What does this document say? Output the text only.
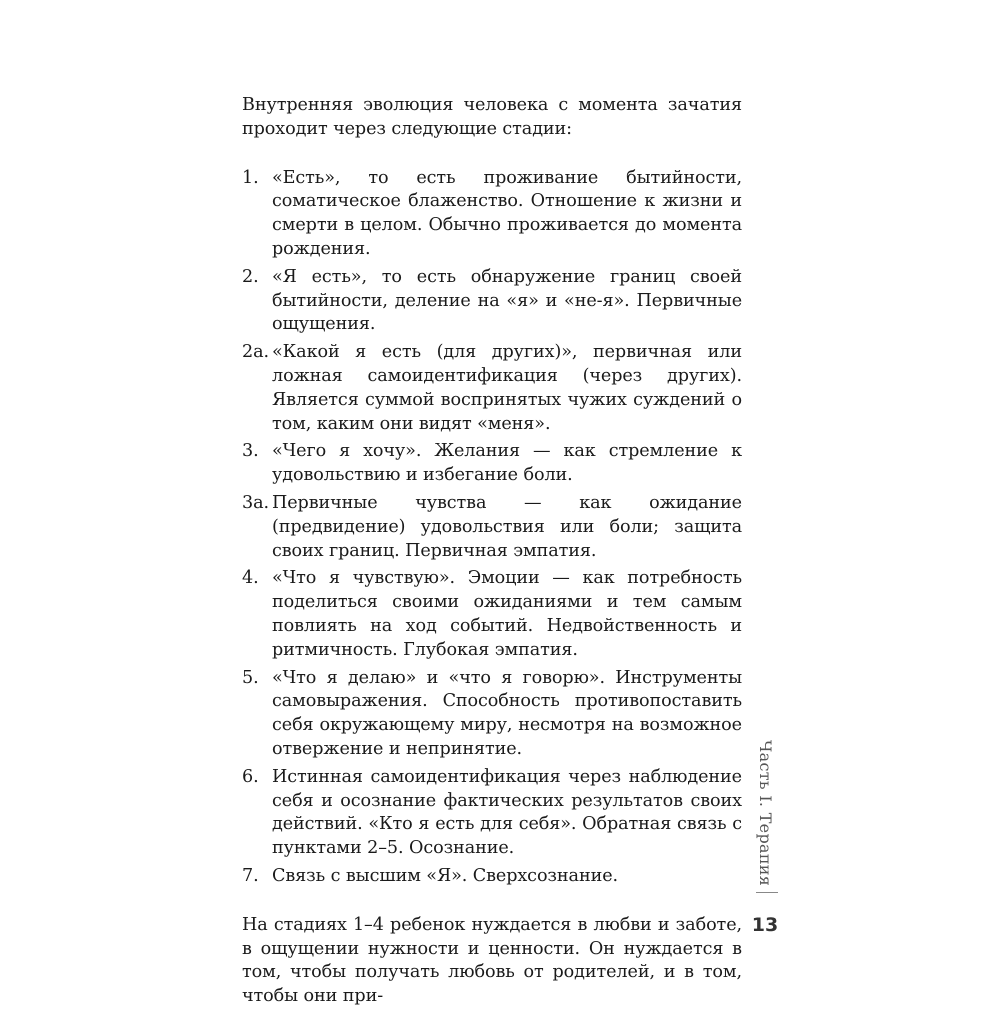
Внутренняя эволюция человека с момента зачатия проходит через следующие стадии:

1. «Есть», то есть проживание бытийности, соматическое блаженство. Отношение к жизни и смерти в целом. Обычно проживается до момента рождения.
2. «Я есть», то есть обнаружение границ своей бытийности, деление на «я» и «не-я». Первичные ощущения.
2а. «Какой я есть (для других)», первичная или ложная самоидентификация (через других). Является суммой воспринятых чужих суждений о том, каким они видят «меня».
3. «Чего я хочу». Желания — как стремление к удовольствию и избегание боли.
3а. Первичные чувства — как ожидание (предвидение) удовольствия или боли; защита своих границ. Первичная эмпатия.
4. «Что я чувствую». Эмоции — как потребность поделиться своими ожиданиями и тем самым повлиять на ход событий. Недвойственность и ритмичность. Глубокая эмпатия.
5. «Что я делаю» и «что я говорю». Инструменты самовыражения. Способность противопоставить себя окружающему миру, несмотря на возможное отвержение и непринятие.
6. Истинная самоидентификация через наблюдение себя и осознание фактических результатов своих действий. «Кто я есть для себя». Обратная связь с пунктами 2–5. Осознание.
7. Связь с высшим «Я». Сверхсознание.

На стадиях 1–4 ребенок нуждается в любви и заботе, в ощущении нужности и ценности. Он нуждается в том, чтобы получать любовь от родителей, и в том, чтобы они при-

Часть I. Терапия
13
